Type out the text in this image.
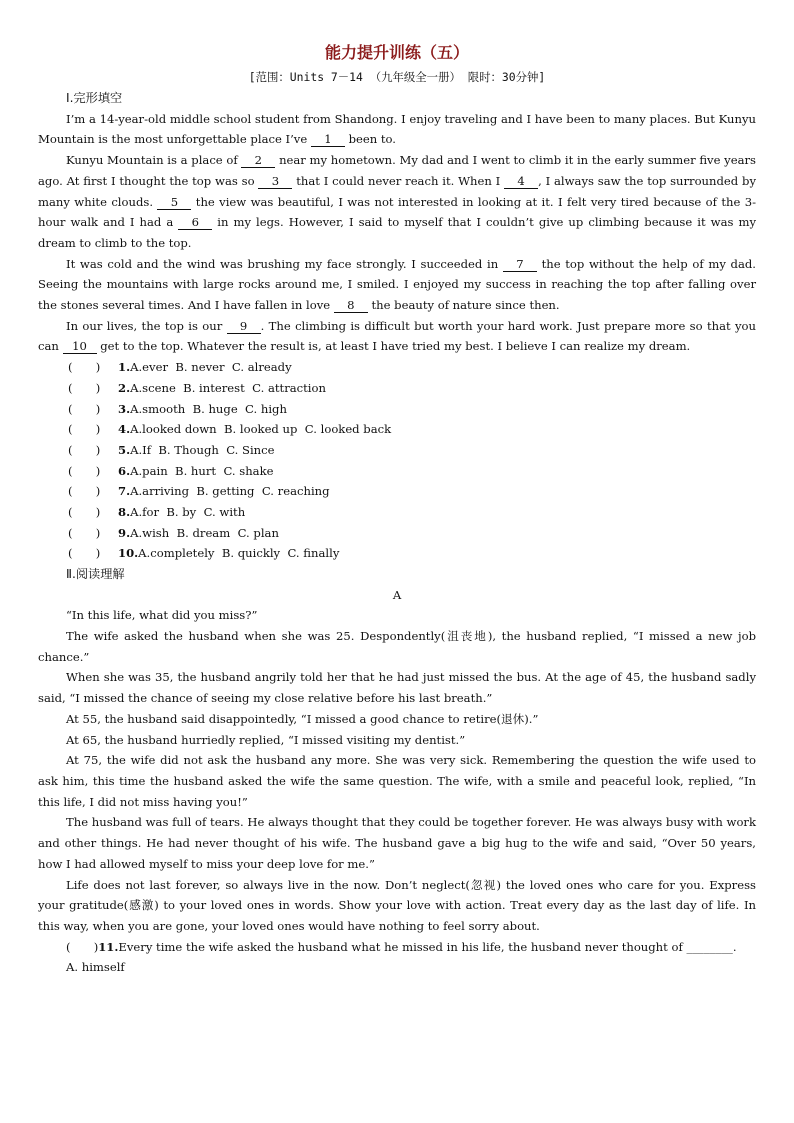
能力提升训练（五）
[范围：Units 7－14 （九年级全一册） 限时：30分钟]
Ⅰ.完形填空

I’m a 14-year-old middle school student from Shandong. I enjoy traveling and I have been to many places. But Kunyu Mountain is the most unforgettable place I’ve 1 been to.

Kunyu Mountain is a place of 2 near my hometown. My dad and I went to climb it in the early summer five years ago. At first I thought the top was so 3 that I could never reach it. When I 4 , I always saw the top surrounded by many white clouds. 5 the view was beautiful, I was not interested in looking at it. I felt very tired because of the 3-hour walk and I had a 6 in my legs. However, I said to myself that I couldn’t give up climbing because it was my dream to climb to the top.

It was cold and the wind was brushing my face strongly. I succeeded in 7 the top without the help of my dad. Seeing the mountains with large rocks around me, I smiled. I enjoyed my success in reaching the top after falling over the stones several times. And I have fallen in love 8 the beauty of nature since then.

In our lives, the top is our 9 . The climbing is difficult but worth your hard work. Just prepare more so that you can 10 get to the top. Whatever the result is, at least I have tried my best. I believe I can realize my dream.

(　　) 1.A.ever  B. never  C. already
(　　) 2.A.scene  B. interest  C. attraction
(　　) 3.A.smooth  B. huge  C. high
(　　) 4.A.looked down  B. looked up  C. looked back
(　　) 5.A.If  B. Though  C. Since
(　　) 6.A.pain  B. hurt  C. shake
(　　) 7.A.arriving  B. getting  C. reaching
(　　) 8.A.for  B. by  C. with
(　　) 9.A.wish  B. dream  C. plan
(　　) 10.A.completely  B. quickly  C. finally
Ⅱ.阅读理解
A

“In this life, what did you miss?”

The wife asked the husband when she was 25. Despondently(沮丧地), the husband replied, “I missed a new job chance.”

When she was 35, the husband angrily told her that he had just missed the bus. At the age of 45, the husband sadly said, “I missed the chance of seeing my close relative before his last breath.”

At 55, the husband said disappointedly, “I missed a good chance to retire(退休).”

At 65, the husband hurriedly replied, “I missed visiting my dentist.”

At 75, the wife did not ask the husband any more. She was very sick. Remembering the question the wife used to ask him, this time the husband asked the wife the same question. The wife, with a smile and peaceful look, replied, “In this life, I did not miss having you!”

The husband was full of tears. He always thought that they could be together forever. He was always busy with work and other things. He had never thought of his wife. The husband gave a big hug to the wife and said, “Over 50 years, how I had allowed myself to miss your deep love for me.”

Life does not last forever, so always live in the now. Don’t neglect(忽视) the loved ones who care for you. Express your gratitude(感激) to your loved ones in words. Show your love with action. Treat every day as the last day of life. In this way, when you are gone, your loved ones would have nothing to feel sorry about.

(　　)11.Every time the wife asked the husband what he missed in his life, the husband never thought of ________.

A. himself
